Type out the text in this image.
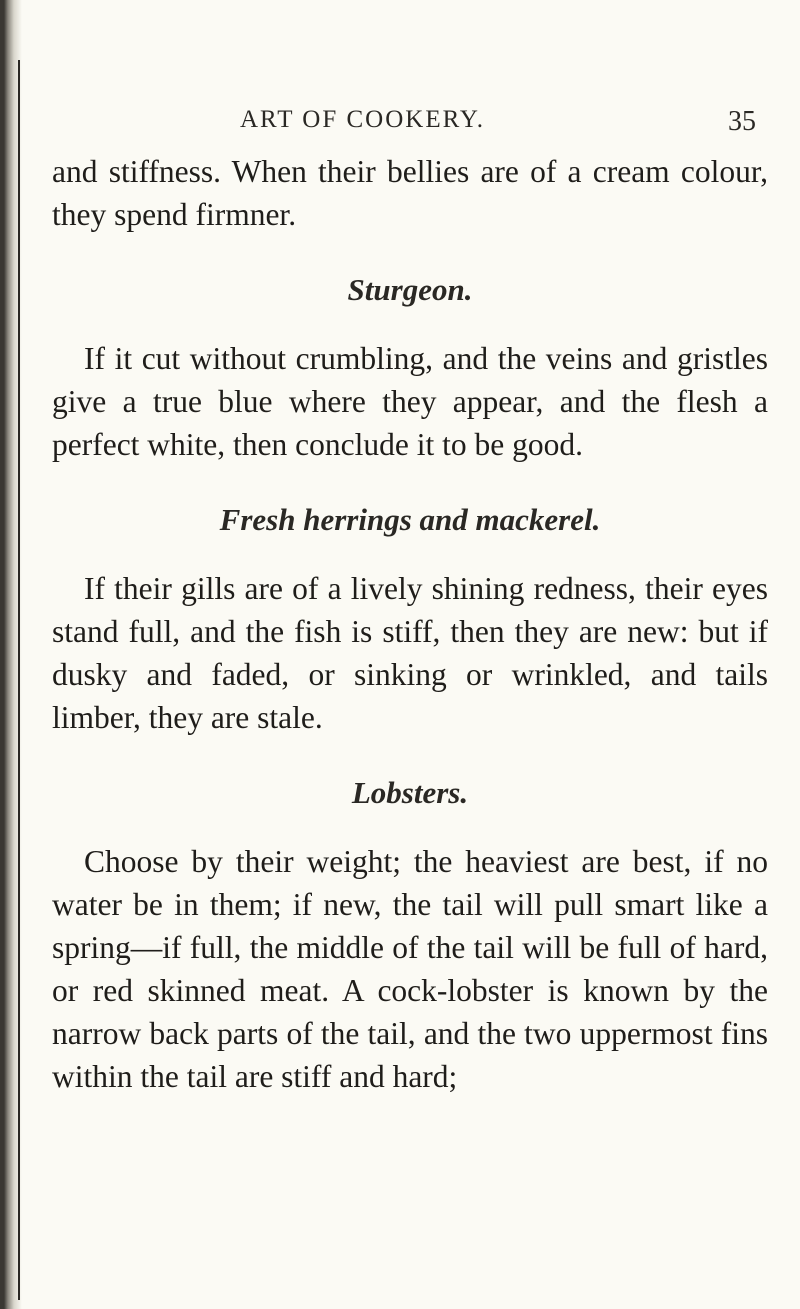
ART OF COOKERY.	35

and stiffness. When their bellies are of a cream colour, they spend firmner.

Sturgeon.

If it cut without crumbling, and the veins and gristles give a true blue where they appear, and the flesh a perfect white, then conclude it to be good.

Fresh herrings and mackerel.

If their gills are of a lively shining redness, their eyes stand full, and the fish is stiff, then they are new: but if dusky and faded, or sinking or wrinkled, and tails limber, they are stale.

Lobsters.

Choose by their weight; the heaviest are best, if no water be in them; if new, the tail will pull smart like a spring—if full, the middle of the tail will be full of hard, or red skinned meat. A cock-lobster is known by the narrow back parts of the tail, and the two uppermost fins within the tail are stiff and hard;
